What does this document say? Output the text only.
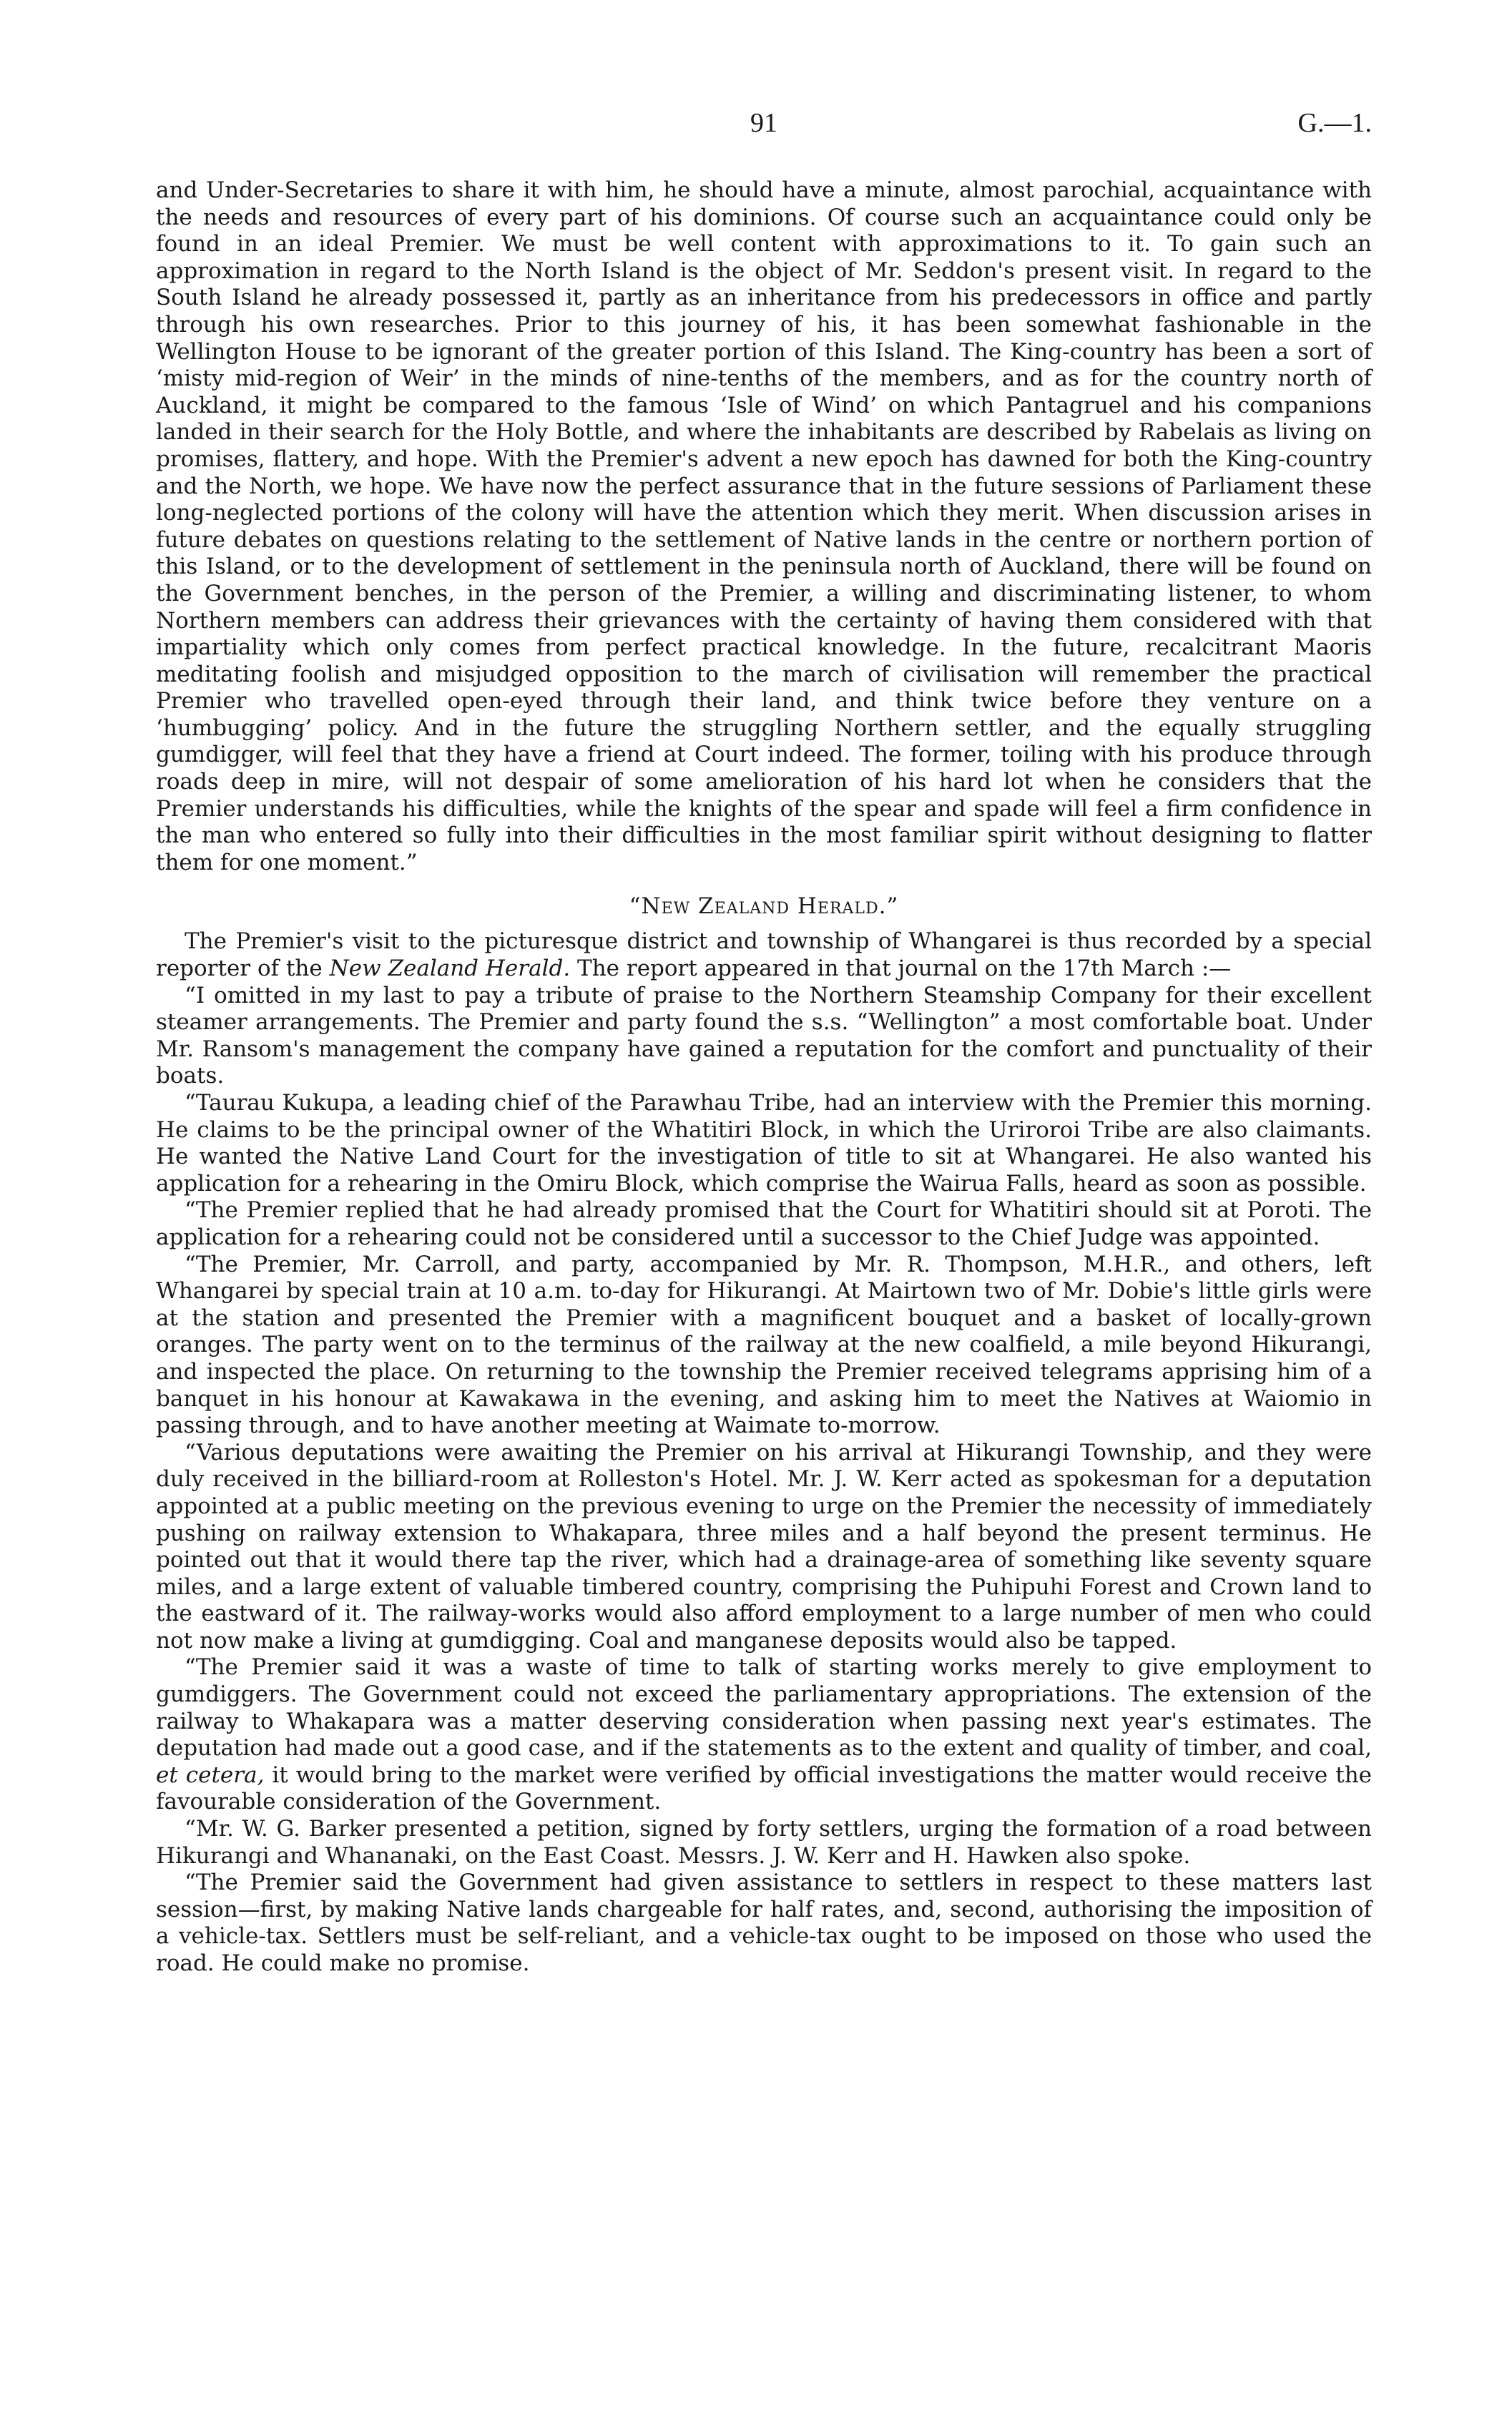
91	G.—1.

and Under-Secretaries to share it with him, he should have a minute, almost parochial, acquaintance with the needs and resources of every part of his dominions. Of course such an acquaintance could only be found in an ideal Premier. We must be well content with approximations to it. To gain such an approximation in regard to the North Island is the object of Mr. Seddon's present visit. In regard to the South Island he already possessed it, partly as an inheritance from his predecessors in office and partly through his own researches. Prior to this journey of his, it has been somewhat fashionable in the Wellington House to be ignorant of the greater portion of this Island. The King-country has been a sort of ‘misty mid-region of Weir’ in the minds of nine-tenths of the members, and as for the country north of Auckland, it might be compared to the famous ‘Isle of Wind’ on which Pantagruel and his companions landed in their search for the Holy Bottle, and where the inhabitants are described by Rabelais as living on promises, flattery, and hope. With the Premier's advent a new epoch has dawned for both the King-country and the North, we hope. We have now the perfect assurance that in the future sessions of Parliament these long-neglected portions of the colony will have the attention which they merit. When discussion arises in future debates on questions relating to the settlement of Native lands in the centre or northern portion of this Island, or to the development of settlement in the peninsula north of Auckland, there will be found on the Government benches, in the person of the Premier, a willing and discriminating listener, to whom Northern members can address their grievances with the certainty of having them considered with that impartiality which only comes from perfect practical knowledge. In the future, recalcitrant Maoris meditating foolish and misjudged opposition to the march of civilisation will remember the practical Premier who travelled open-eyed through their land, and think twice before they venture on a ‘humbugging’ policy. And in the future the struggling Northern settler, and the equally struggling gumdigger, will feel that they have a friend at Court indeed. The former, toiling with his produce through roads deep in mire, will not despair of some amelioration of his hard lot when he considers that the Premier understands his difficulties, while the knights of the spear and spade will feel a firm confidence in the man who entered so fully into their difficulties in the most familiar spirit without designing to flatter them for one moment.”

“New Zealand Herald.”

The Premier's visit to the picturesque district and township of Whangarei is thus recorded by a special reporter of the New Zealand Herald. The report appeared in that journal on the 17th March :—

“I omitted in my last to pay a tribute of praise to the Northern Steamship Company for their excellent steamer arrangements. The Premier and party found the s.s. “Wellington” a most comfortable boat. Under Mr. Ransom's management the company have gained a reputation for the comfort and punctuality of their boats.

“Taurau Kukupa, a leading chief of the Parawhau Tribe, had an interview with the Premier this morning. He claims to be the principal owner of the Whatitiri Block, in which the Uriroroi Tribe are also claimants. He wanted the Native Land Court for the investigation of title to sit at Whangarei. He also wanted his application for a rehearing in the Omiru Block, which comprise the Wairua Falls, heard as soon as possible.

“The Premier replied that he had already promised that the Court for Whatitiri should sit at Poroti. The application for a rehearing could not be considered until a successor to the Chief Judge was appointed.

“The Premier, Mr. Carroll, and party, accompanied by Mr. R. Thompson, M.H.R., and others, left Whangarei by special train at 10 a.m. to-day for Hikurangi. At Mairtown two of Mr. Dobie's little girls were at the station and presented the Premier with a magnificent bouquet and a basket of locally-grown oranges. The party went on to the terminus of the railway at the new coalfield, a mile beyond Hikurangi, and inspected the place. On returning to the township the Premier received telegrams apprising him of a banquet in his honour at Kawakawa in the evening, and asking him to meet the Natives at Waiomio in passing through, and to have another meeting at Waimate to-morrow.

“Various deputations were awaiting the Premier on his arrival at Hikurangi Township, and they were duly received in the billiard-room at Rolleston's Hotel. Mr. J. W. Kerr acted as spokesman for a deputation appointed at a public meeting on the previous evening to urge on the Premier the necessity of immediately pushing on railway extension to Whakapara, three miles and a half beyond the present terminus. He pointed out that it would there tap the river, which had a drainage-area of something like seventy square miles, and a large extent of valuable timbered country, comprising the Puhipuhi Forest and Crown land to the eastward of it. The railway-works would also afford employment to a large number of men who could not now make a living at gumdigging. Coal and manganese deposits would also be tapped.

“The Premier said it was a waste of time to talk of starting works merely to give employment to gumdiggers. The Government could not exceed the parliamentary appropriations. The extension of the railway to Whakapara was a matter deserving consideration when passing next year's estimates. The deputation had made out a good case, and if the statements as to the extent and quality of timber, and coal, et cetera, it would bring to the market were verified by official investigations the matter would receive the favourable consideration of the Government.

“Mr. W. G. Barker presented a petition, signed by forty settlers, urging the formation of a road between Hikurangi and Whananaki, on the East Coast. Messrs. J. W. Kerr and H. Hawken also spoke.

“The Premier said the Government had given assistance to settlers in respect to these matters last session—first, by making Native lands chargeable for half rates, and, second, authorising the imposition of a vehicle-tax. Settlers must be self-reliant, and a vehicle-tax ought to be imposed on those who used the road. He could make no promise.
